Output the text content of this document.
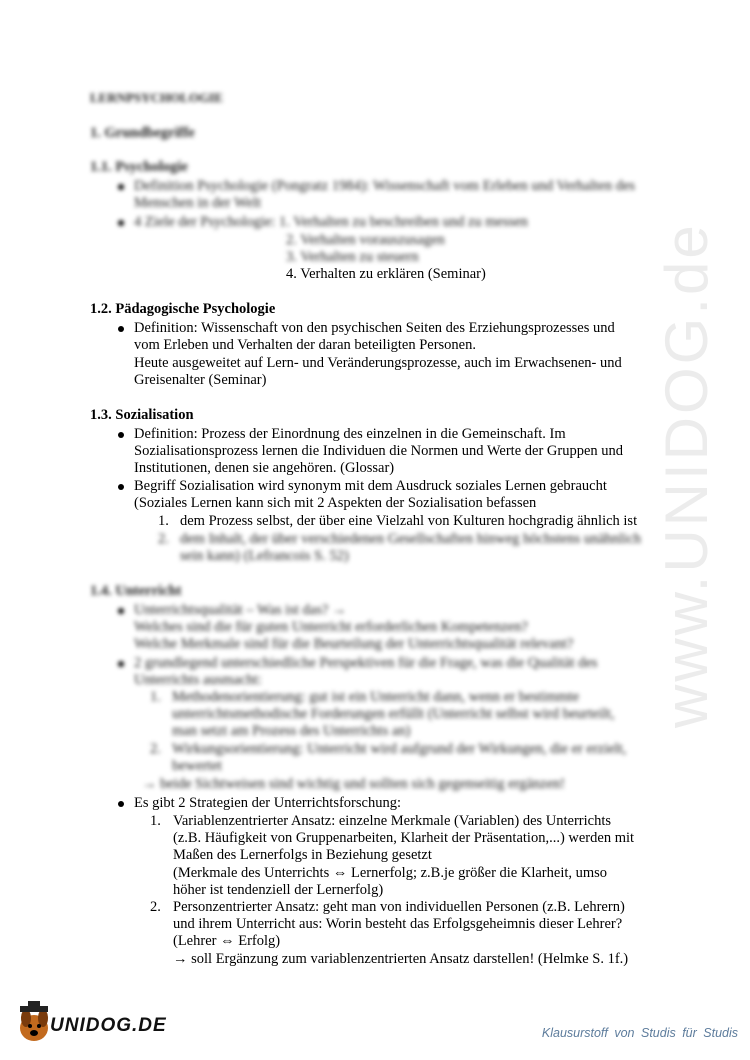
www.UNIDOG.de
LERNPSYCHOLOGIE
1. Grundbegriffe
1.1. Psychologie
Definition Psychologie (Pongratz 1984): Wissenschaft vom Erleben und Verhalten des
Menschen in der Welt
4 Ziele der Psychologie: 1. Verhalten zu beschreiben und zu messen
2. Verhalten vorauszusagen
3. Verhalten zu steuern
4. Verhalten zu erklären (Seminar)
1.2. Pädagogische Psychologie
Definition: Wissenschaft von den psychischen Seiten des Erziehungsprozesses und
vom Erleben und Verhalten der daran beteiligten Personen.
Heute ausgeweitet auf Lern- und Veränderungsprozesse, auch im Erwachsenen- und
Greisenalter (Seminar)
1.3. Sozialisation
Definition: Prozess der Einordnung des einzelnen in die Gemeinschaft. Im
Sozialisationsprozess lernen die Individuen die Normen und Werte der Gruppen und
Institutionen, denen sie angehören. (Glossar)
Begriff Sozialisation wird synonym mit dem Ausdruck soziales Lernen gebraucht
(Soziales Lernen kann sich mit 2 Aspekten der Sozialisation befassen
1. dem Prozess selbst, der über eine Vielzahl von Kulturen hochgradig ähnlich ist
2. dem Inhalt, der über verschiedenen Gesellschaften hinweg höchstens unähnlich
sein kann) (Lefrancois S. 52)
1.4. Unterricht
Unterrichtsqualität – Was ist das? →
Welches sind die für guten Unterricht erforderlichen Kompetenzen?
Welche Merkmale sind für die Beurteilung der Unterrichtsqualität relevant?
2 grundlegend unterschiedliche Perspektiven für die Frage, was die Qualität des
Unterrichts ausmacht:
1. Methodenorientierung: gut ist ein Unterricht dann, wenn er bestimmte
unterrichtsmethodische Forderungen erfüllt (Unterricht selbst wird beurteilt,
man setzt am Prozess des Unterrichts an)
2. Wirkungsorientierung: Unterricht wird aufgrund der Wirkungen, die er erzielt,
bewertet
→ beide Sichtweisen sind wichtig und sollten sich gegenseitig ergänzen!
Es gibt 2 Strategien der Unterrichtsforschung:
1. Variablenzentrierter Ansatz: einzelne Merkmale (Variablen) des Unterrichts
(z.B. Häufigkeit von Gruppenarbeiten, Klarheit der Präsentation,...) werden mit
Maßen des Lernerfolgs in Beziehung gesetzt
(Merkmale des Unterrichts ⇔ Lernerfolg; z.B.je größer die Klarheit, umso
höher ist tendenziell der Lernerfolg)
2. Personzentrierter Ansatz: geht man von individuellen Personen (z.B. Lehrern)
und ihrem Unterricht aus: Worin besteht das Erfolgsgeheimnis dieser Lehrer?
(Lehrer ⇔ Erfolg)
→ soll Ergänzung zum variablenzentrierten Ansatz darstellen! (Helmke S. 1f.)
UNIDOG.DE	Klausurstoff von Studis für Studis
